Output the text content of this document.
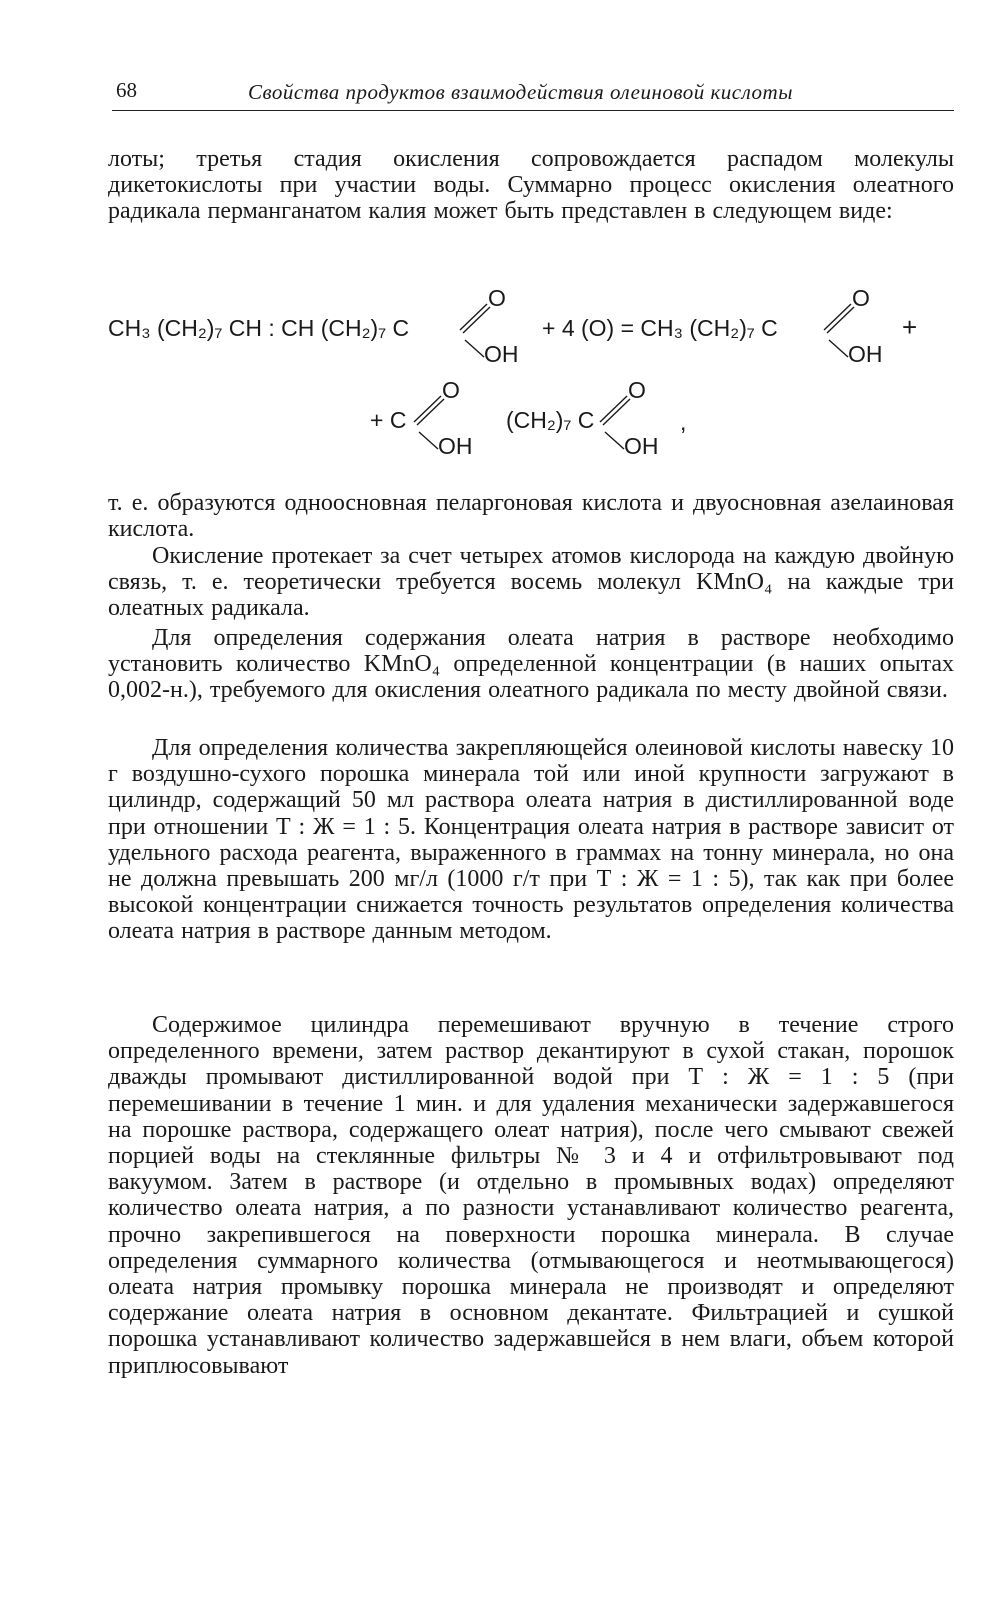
68	Свойства продуктов взаимодействия олеиновой кислоты

лоты; третья стадия окисления сопровождается распадом молекулы дикетокислоты при участии воды. Суммарно процесс окисления олеатного радикала перманганатом калия может быть представлен в следующем виде:

CH₃ (CH₂)₇ CH : CH (CH₂)₇ C
O
OH
+ 4 (O) = CH₃ (CH₂)₇ C
O
OH
+
+ C
O
OH
(CH₂)₇ C
O
OH
,

т. е. образуются одноосновная пеларгоновая кислота и двуосновная азелаиновая кислота.

Окисление протекает за счет четырех атомов кислорода на каждую двойную связь, т. е. теоретически требуется восемь молекул KMnO₄ на каждые три олеатных радикала.

Для определения содержания олеата натрия в растворе необходимо установить количество KMnO₄ определенной концентрации (в наших опытах 0,002-н.), требуемого для окисления олеатного радикала по месту двойной связи.

Для определения количества закрепляющейся олеиновой кислоты навеску 10 г воздушно-сухого порошка минерала той или иной крупности загружают в цилиндр, содержащий 50 мл раствора олеата натрия в дистиллированной воде при отношении Т : Ж = 1 : 5. Концентрация олеата натрия в растворе зависит от удельного расхода реагента, выраженного в граммах на тонну минерала, но она не должна превышать 200 мг/л (1000 г/т при Т : Ж = 1 : 5), так как при более высокой концентрации снижается точность результатов определения количества олеата натрия в растворе данным методом.

Содержимое цилиндра перемешивают вручную в течение строго определенного времени, затем раствор декантируют в сухой стакан, порошок дважды промывают дистиллированной водой при Т : Ж = 1 : 5 (при перемешивании в течение 1 мин. и для удаления механически задержавшегося на порошке раствора, содержащего олеат натрия), после чего смывают свежей порцией воды на стеклянные фильтры № 3 и 4 и отфильтровывают под вакуумом. Затем в растворе (и отдельно в промывных водах) определяют количество олеата натрия, а по разности устанавливают количество реагента, прочно закрепившегося на поверхности порошка минерала. В случае определения суммарного количества (отмывающегося и неотмывающегося) олеата натрия промывку порошка минерала не производят и определяют содержание олеата натрия в основном декантате. Фильтрацией и сушкой порошка устанавливают количество задержавшейся в нем влаги, объем которой приплюсовывают
